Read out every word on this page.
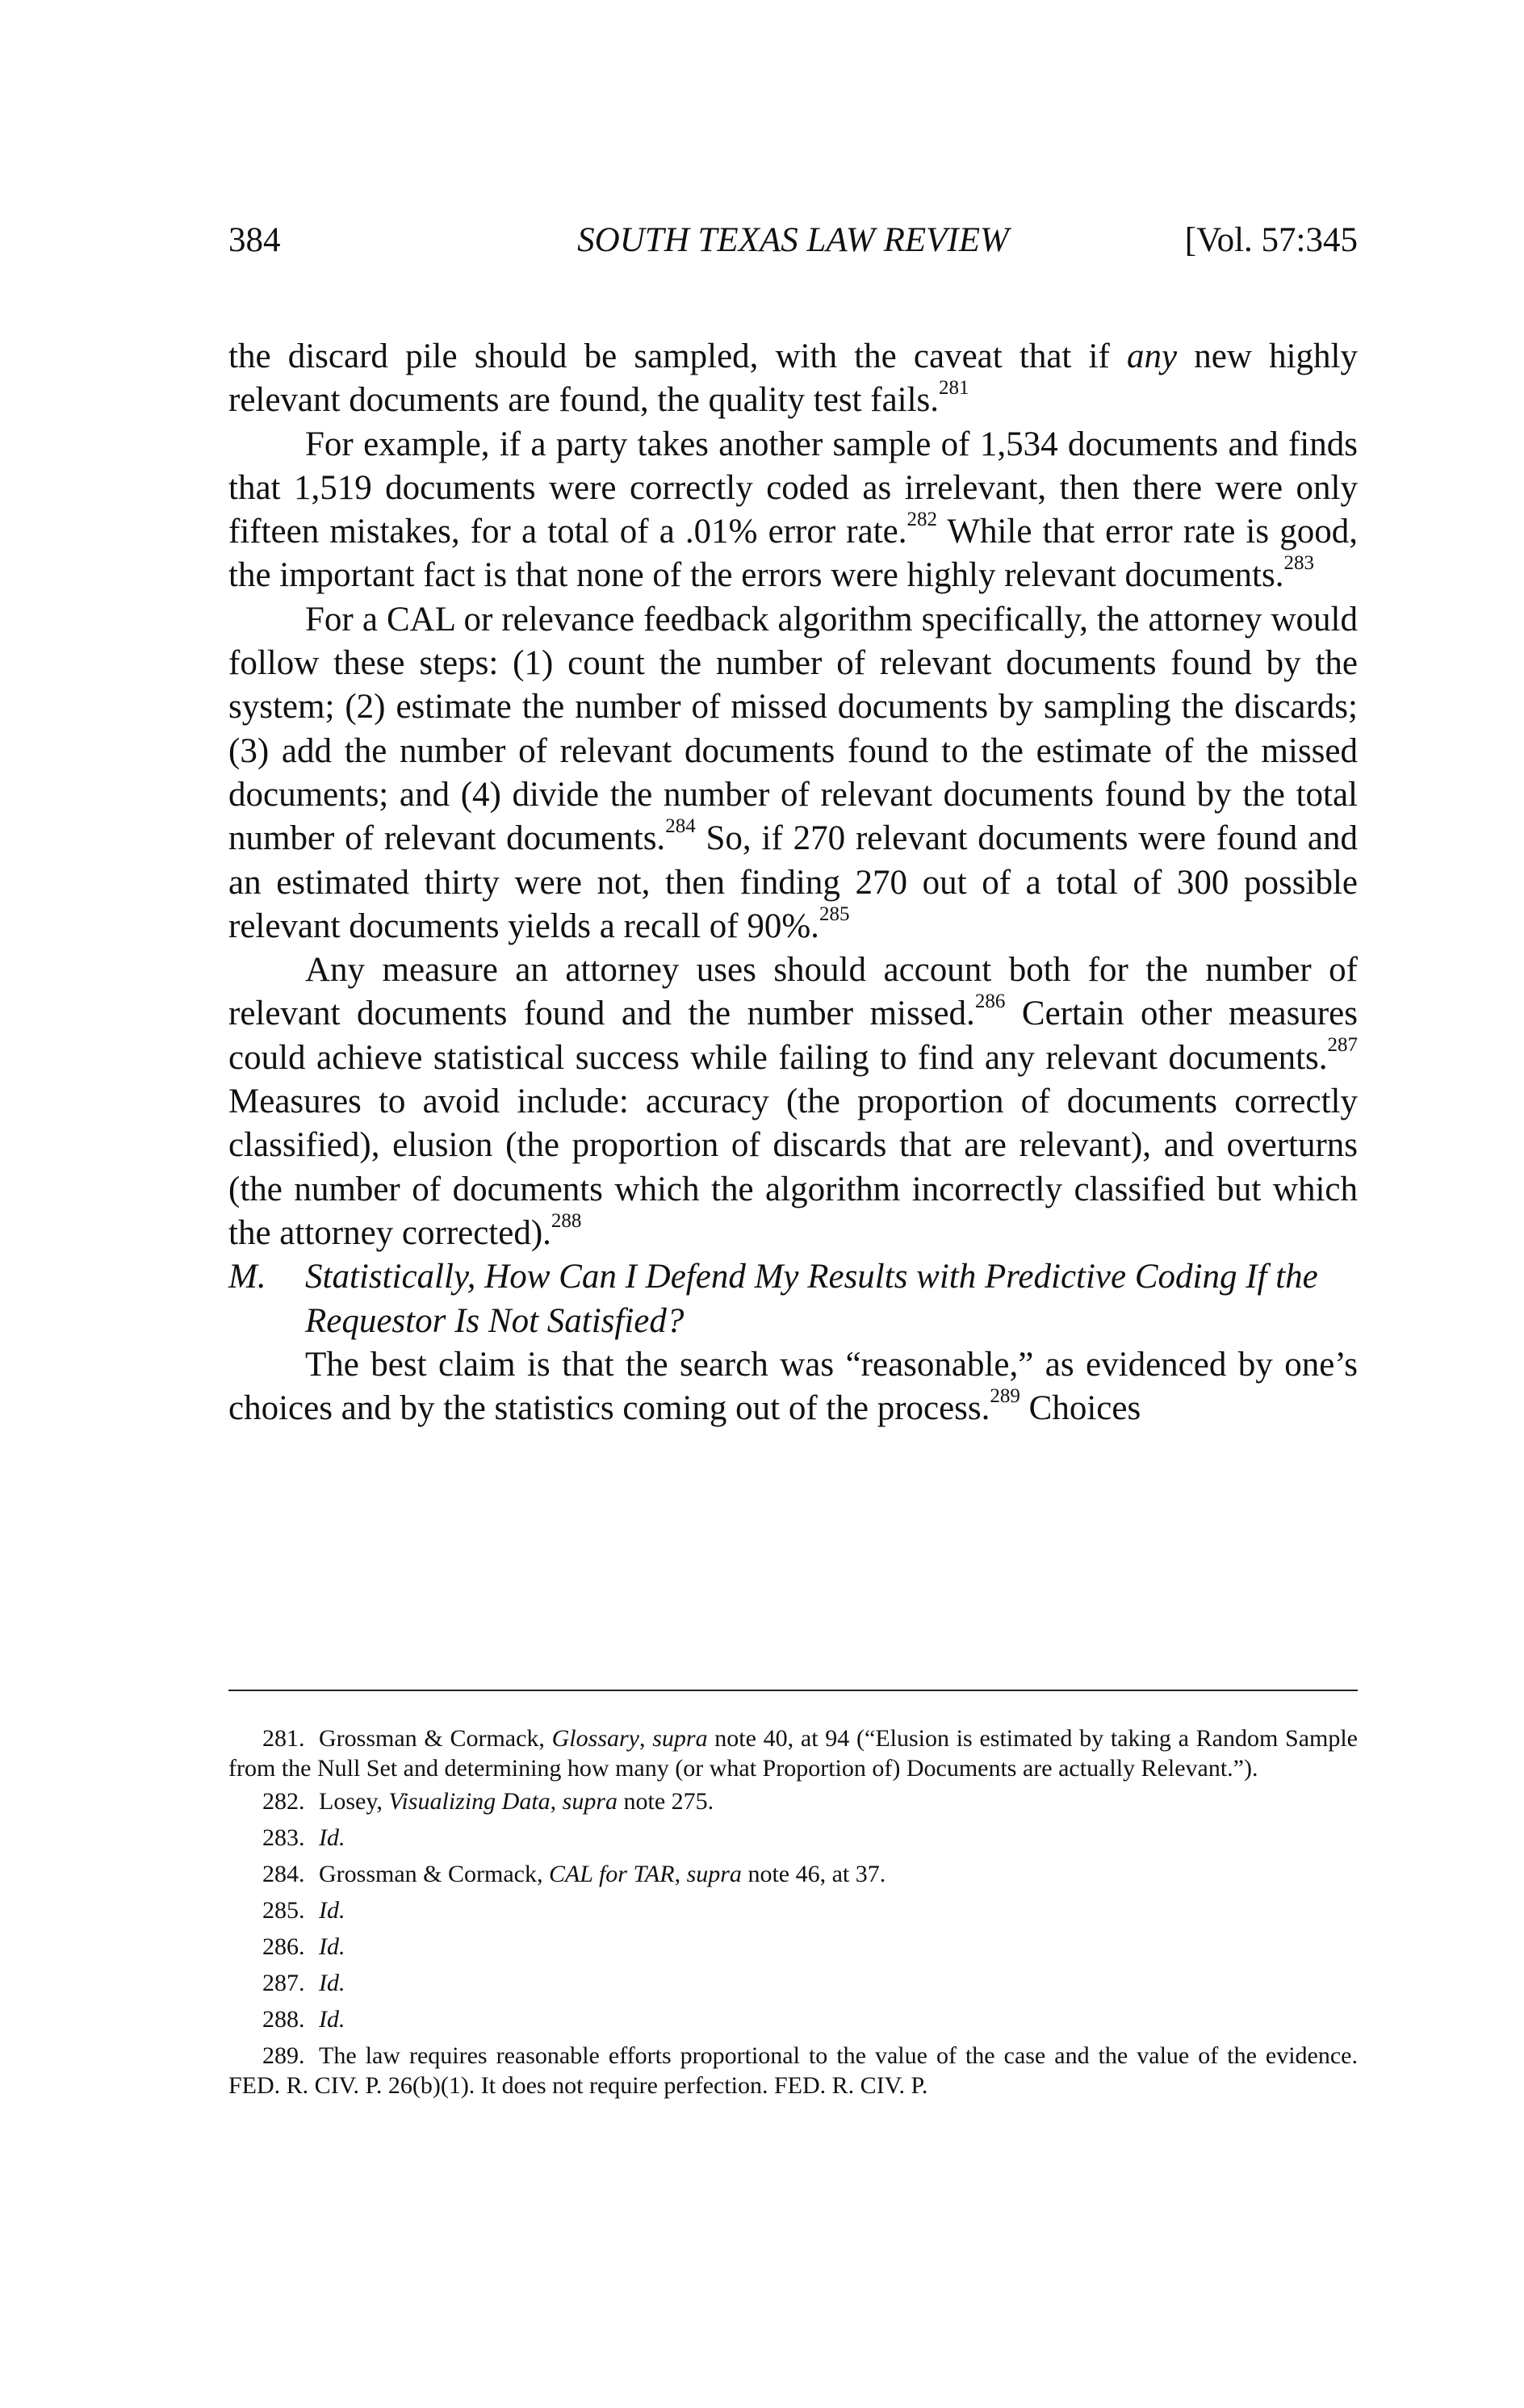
384	SOUTH TEXAS LAW REVIEW	[Vol. 57:345

the discard pile should be sampled, with the caveat that if any new highly relevant documents are found, the quality test fails.$^{281}$

For example, if a party takes another sample of 1,534 documents and finds that 1,519 documents were correctly coded as irrelevant, then there were only fifteen mistakes, for a total of a .01% error rate.$^{282}$ While that error rate is good, the important fact is that none of the errors were highly relevant documents.$^{283}$

For a CAL or relevance feedback algorithm specifically, the attorney would follow these steps: (1) count the number of relevant documents found by the system; (2) estimate the number of missed documents by sampling the discards; (3) add the number of relevant documents found to the estimate of the missed documents; and (4) divide the number of relevant documents found by the total number of relevant documents.$^{284}$ So, if 270 relevant documents were found and an estimated thirty were not, then finding 270 out of a total of 300 possible relevant documents yields a recall of 90%.$^{285}$

Any measure an attorney uses should account both for the number of relevant documents found and the number missed.$^{286}$ Certain other measures could achieve statistical success while failing to find any relevant documents.$^{287}$ Measures to avoid include: accuracy (the proportion of documents correctly classified), elusion (the proportion of discards that are relevant), and overturns (the number of documents which the algorithm incorrectly classified but which the attorney corrected).$^{288}$

M. Statistically, How Can I Defend My Results with Predictive Coding If the Requestor Is Not Satisfied?

The best claim is that the search was “reasonable,” as evidenced by one’s choices and by the statistics coming out of the process.$^{289}$ Choices

281. Grossman & Cormack, Glossary, supra note 40, at 94 (“Elusion is estimated by taking a Random Sample from the Null Set and determining how many (or what Proportion of) Documents are actually Relevant.”).

282. Losey, Visualizing Data, supra note 275.

283. Id.

284. Grossman & Cormack, CAL for TAR, supra note 46, at 37.

285. Id.

286. Id.

287. Id.

288. Id.

289. The law requires reasonable efforts proportional to the value of the case and the value of the evidence. FED. R. CIV. P. 26(b)(1). It does not require perfection. FED. R. CIV. P.
